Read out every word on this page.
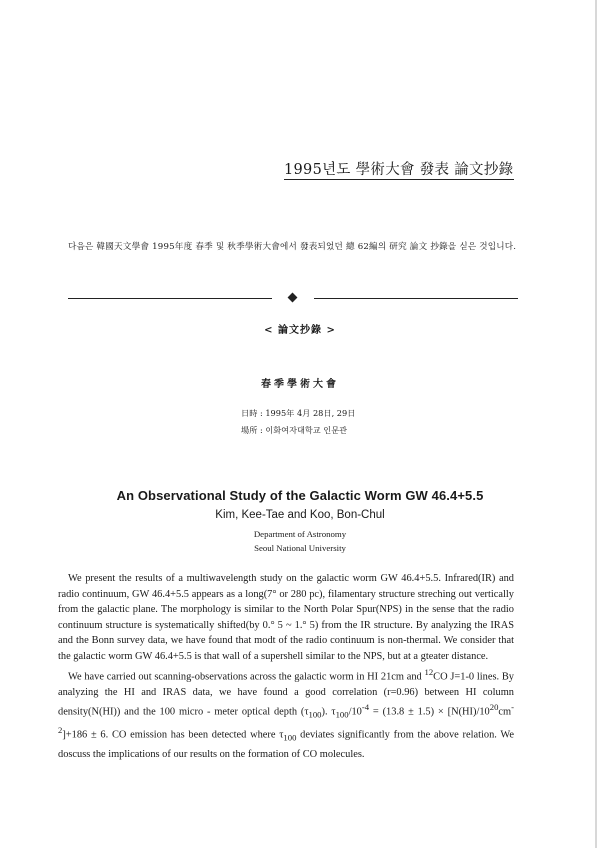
1995년도 學術大會 發表 論文抄錄

다음은 韓國天文學會 1995年度 春季 및 秋季學術大會에서 發表되었던 總 62編의 研究 論文 抄錄을 싣은 것입니다.

< 論文抄錄 >
春季學術大會
日時 : 1995年 4月 28日, 29日
場所 : 이화여자대학교 인문관
An Observational Study of the Galactic Worm GW 46.4+5.5
Kim, Kee-Tae and Koo, Bon-Chul
Department of Astronomy
Seoul National University

We present the results of a multiwavelength study on the galactic worm GW 46.4+5.5. Infrared(IR) and radio continuum, GW 46.4+5.5 appears as a long(7° or 280 pc), filamentary structure streching out vertically from the galactic plane. The morphology is similar to the North Polar Spur(NPS) in the sense that the radio continuum structure is systematically shifted(by 0.° 5 ~ 1.° 5) from the IR structure. By analyzing the IRAS and the Bonn survey data, we have found that modt of the radio continuum is non-thermal. We consider that the galactic worm GW 46.4+5.5 is that wall of a supershell similar to the NPS, but at a gteater distance.

We have carried out scanning-observations across the galactic worm in HI 21cm and $^{12}$CO J=1-0 lines. By analyzing the HI and IRAS data, we have found a good correlation (r=0.96) between HI column density(N(HI)) and the 100 micro - meter optical depth $(\tau_{100})$. $\tau_{100}/10^{-4} = (13.8 \pm 1.5) \times [N(HI)/10^{20}cm^{-2}]+186 \pm 6$. CO emission has been detected where $\tau_{100}$ deviates significantly from the above relation. We doscuss the implications of our results on the formation of CO molecules.
